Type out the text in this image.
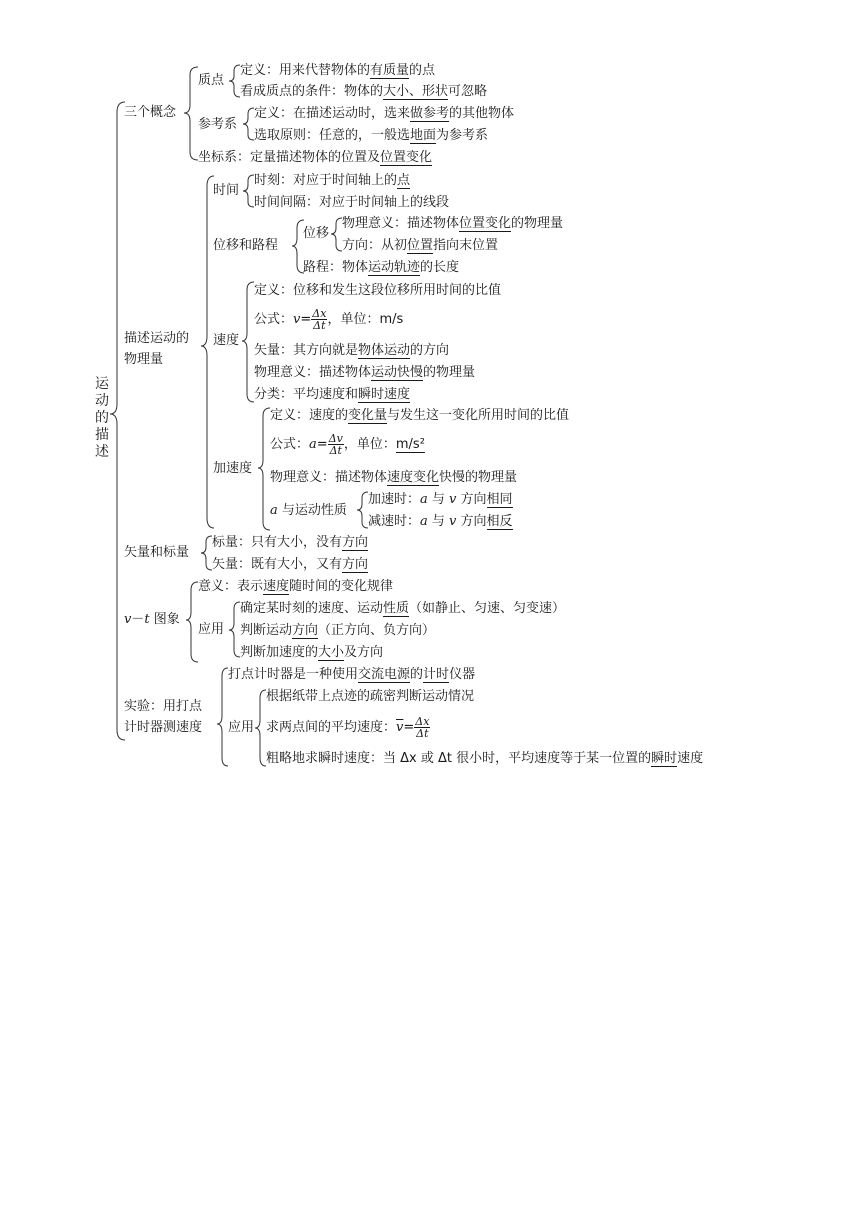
运动的描述
三个概念
质点
定义：用来代替物体的有质量的点
看成质点的条件：物体的大小、形状可忽略
参考系
定义：在描述运动时，选来做参考的其他物体
选取原则：任意的，一般选地面为参考系
坐标系：定量描述物体的位置及位置变化
描述运动的
物理量
时间
时刻：对应于时间轴上的点
时间间隔：对应于时间轴上的线段
位移和路程
位移
物理意义：描述物体位置变化的物理量
方向：从初位置指向末位置
路程：物体运动轨迹的长度
速度
定义：位移和发生这段位移所用时间的比值
公式：$v= \frac{\Delta x}{\Delta t}$ ，单位：m/s
矢量：其方向就是物体运动的方向
物理意义：描述物体运动快慢的物理量
分类：平均速度和瞬时速度
加速度
定义：速度的变化量与发生这一变化所用时间的比值
公式：$a= \frac{\Delta v}{\Delta t}$ ，单位：m/s²
物理意义：描述物体速度变化快慢的物理量
a 与运动性质
加速时：a 与 v 方向相同
减速时：a 与 v 方向相反
矢量和标量
标量：只有大小，没有方向
矢量：既有大小，又有方向
v－t 图象
意义：表示速度随时间的变化规律
应用
确定某时刻的速度、运动性质（如静止、匀速、匀变速）
判断运动方向（正方向、负方向）
判断加速度的大小及方向
实验：用打点
计时器测速度
打点计时器是一种使用交流电源的计时仪器
应用
根据纸带上点迹的疏密判断运动情况
求两点间的平均速度：$\overline{v}= \frac{\Delta x}{\Delta t}$
粗略地求瞬时速度：当 Δx 或 Δt 很小时，平均速度等于某一位置的瞬时速度
